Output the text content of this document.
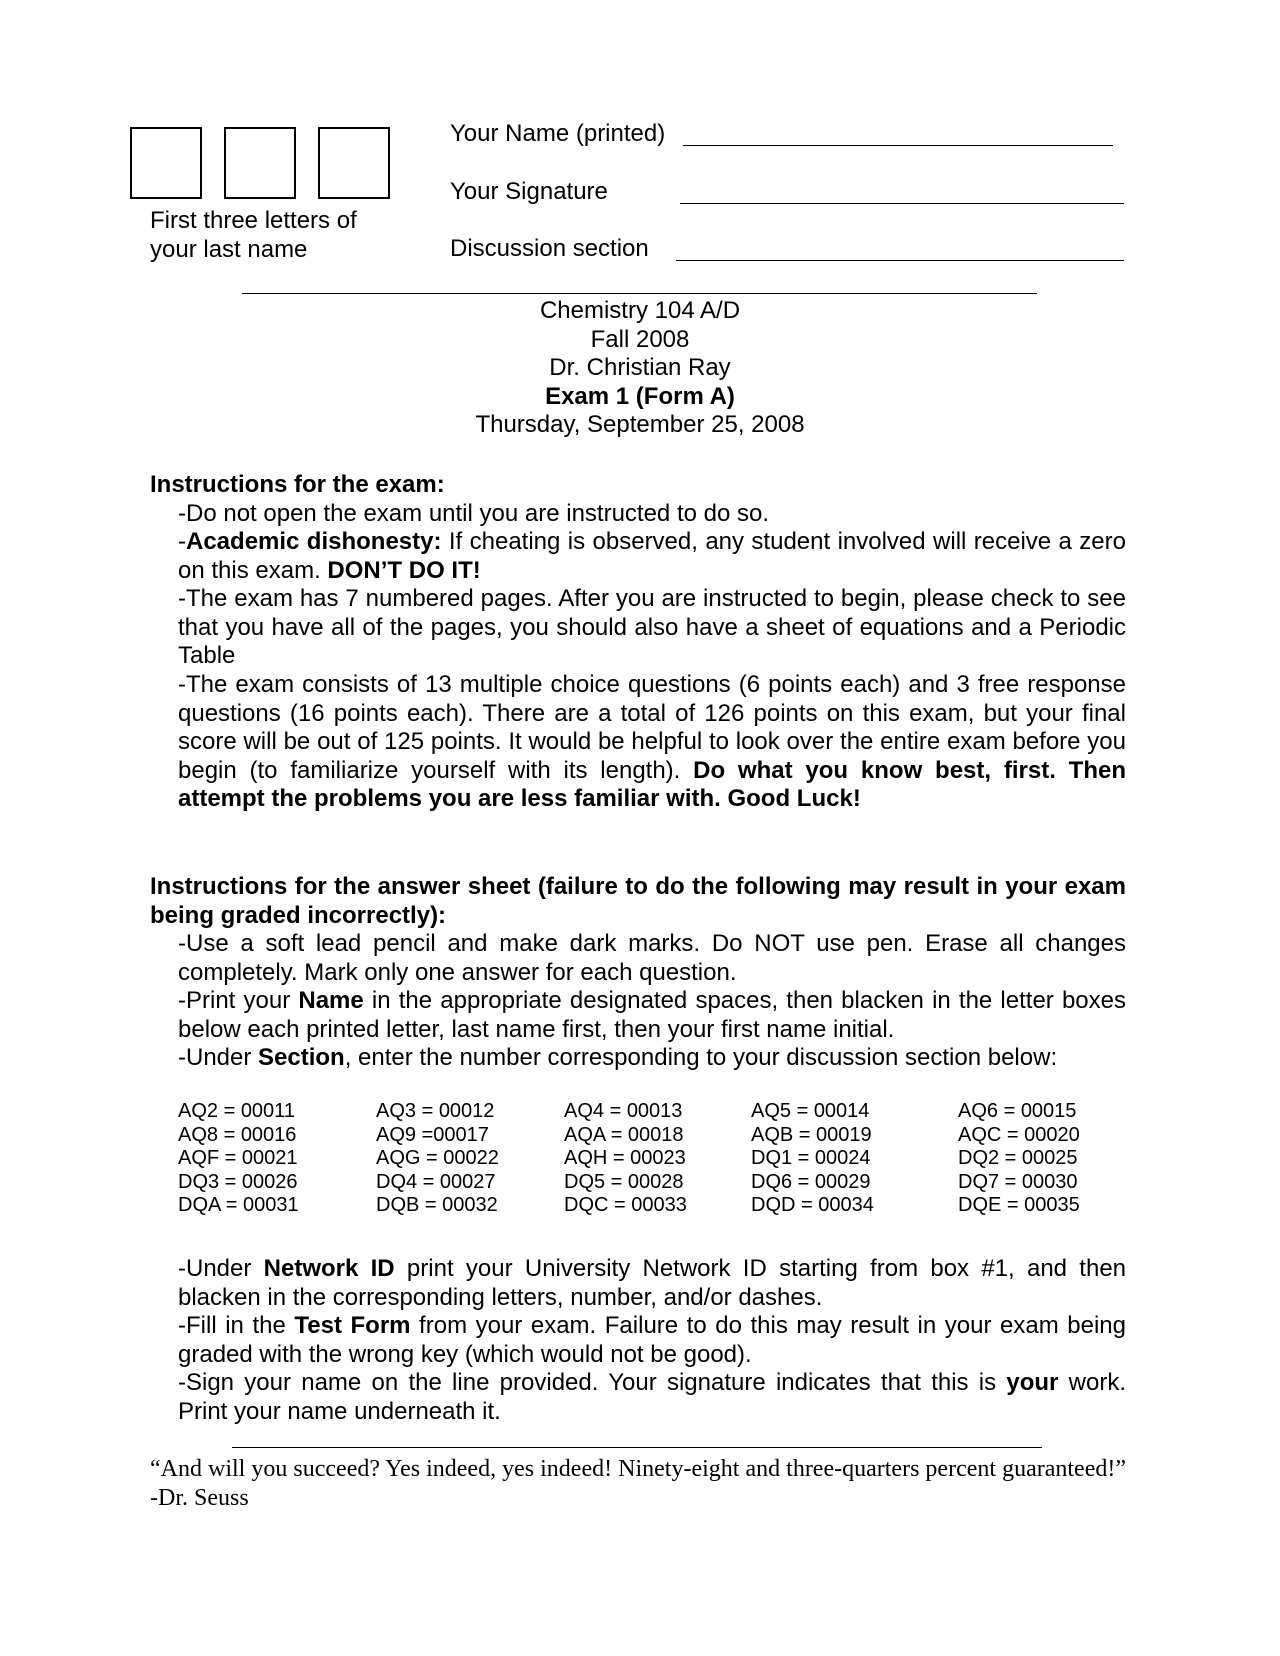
First three letters of
your last name
Your Name (printed)
Your Signature
Discussion section
Chemistry 104 A/D
Fall 2008
Dr. Christian Ray
Exam 1 (Form A)
Thursday, September 25, 2008
Instructions for the exam:
-Do not open the exam until you are instructed to do so.
-Academic dishonesty: If cheating is observed, any student involved will receive a zero on this exam. DON’T DO IT!
-The exam has 7 numbered pages. After you are instructed to begin, please check to see that you have all of the pages, you should also have a sheet of equations and a Periodic Table
-The exam consists of 13 multiple choice questions (6 points each) and 3 free response questions (16 points each). There are a total of 126 points on this exam, but your final score will be out of 125 points. It would be helpful to look over the entire exam before you begin (to familiarize yourself with its length). Do what you know best, first. Then attempt the problems you are less familiar with. Good Luck!
Instructions for the answer sheet (failure to do the following may result in your exam being graded incorrectly):
-Use a soft lead pencil and make dark marks. Do NOT use pen. Erase all changes completely. Mark only one answer for each question.
-Print your Name in the appropriate designated spaces, then blacken in the letter boxes below each printed letter, last name first, then your first name initial.
-Under Section, enter the number corresponding to your discussion section below:
AQ2 = 00011
AQ8 = 00016
AQF = 00021
DQ3 = 00026
DQA = 00031
AQ3 = 00012
AQ9 =00017
AQG = 00022
DQ4 = 00027
DQB = 00032
AQ4 = 00013
AQA = 00018
AQH = 00023
DQ5 = 00028
DQC = 00033
AQ5 = 00014
AQB = 00019
DQ1 = 00024
DQ6 = 00029
DQD = 00034
AQ6 = 00015
AQC = 00020
DQ2 = 00025
DQ7 = 00030
DQE = 00035
-Under Network ID print your University Network ID starting from box #1, and then blacken in the corresponding letters, number, and/or dashes.
-Fill in the Test Form from your exam. Failure to do this may result in your exam being graded with the wrong key (which would not be good).
-Sign your name on the line provided. Your signature indicates that this is your work. Print your name underneath it.
“And will you succeed? Yes indeed, yes indeed! Ninety-eight and three-quarters percent guaranteed!” -Dr. Seuss
